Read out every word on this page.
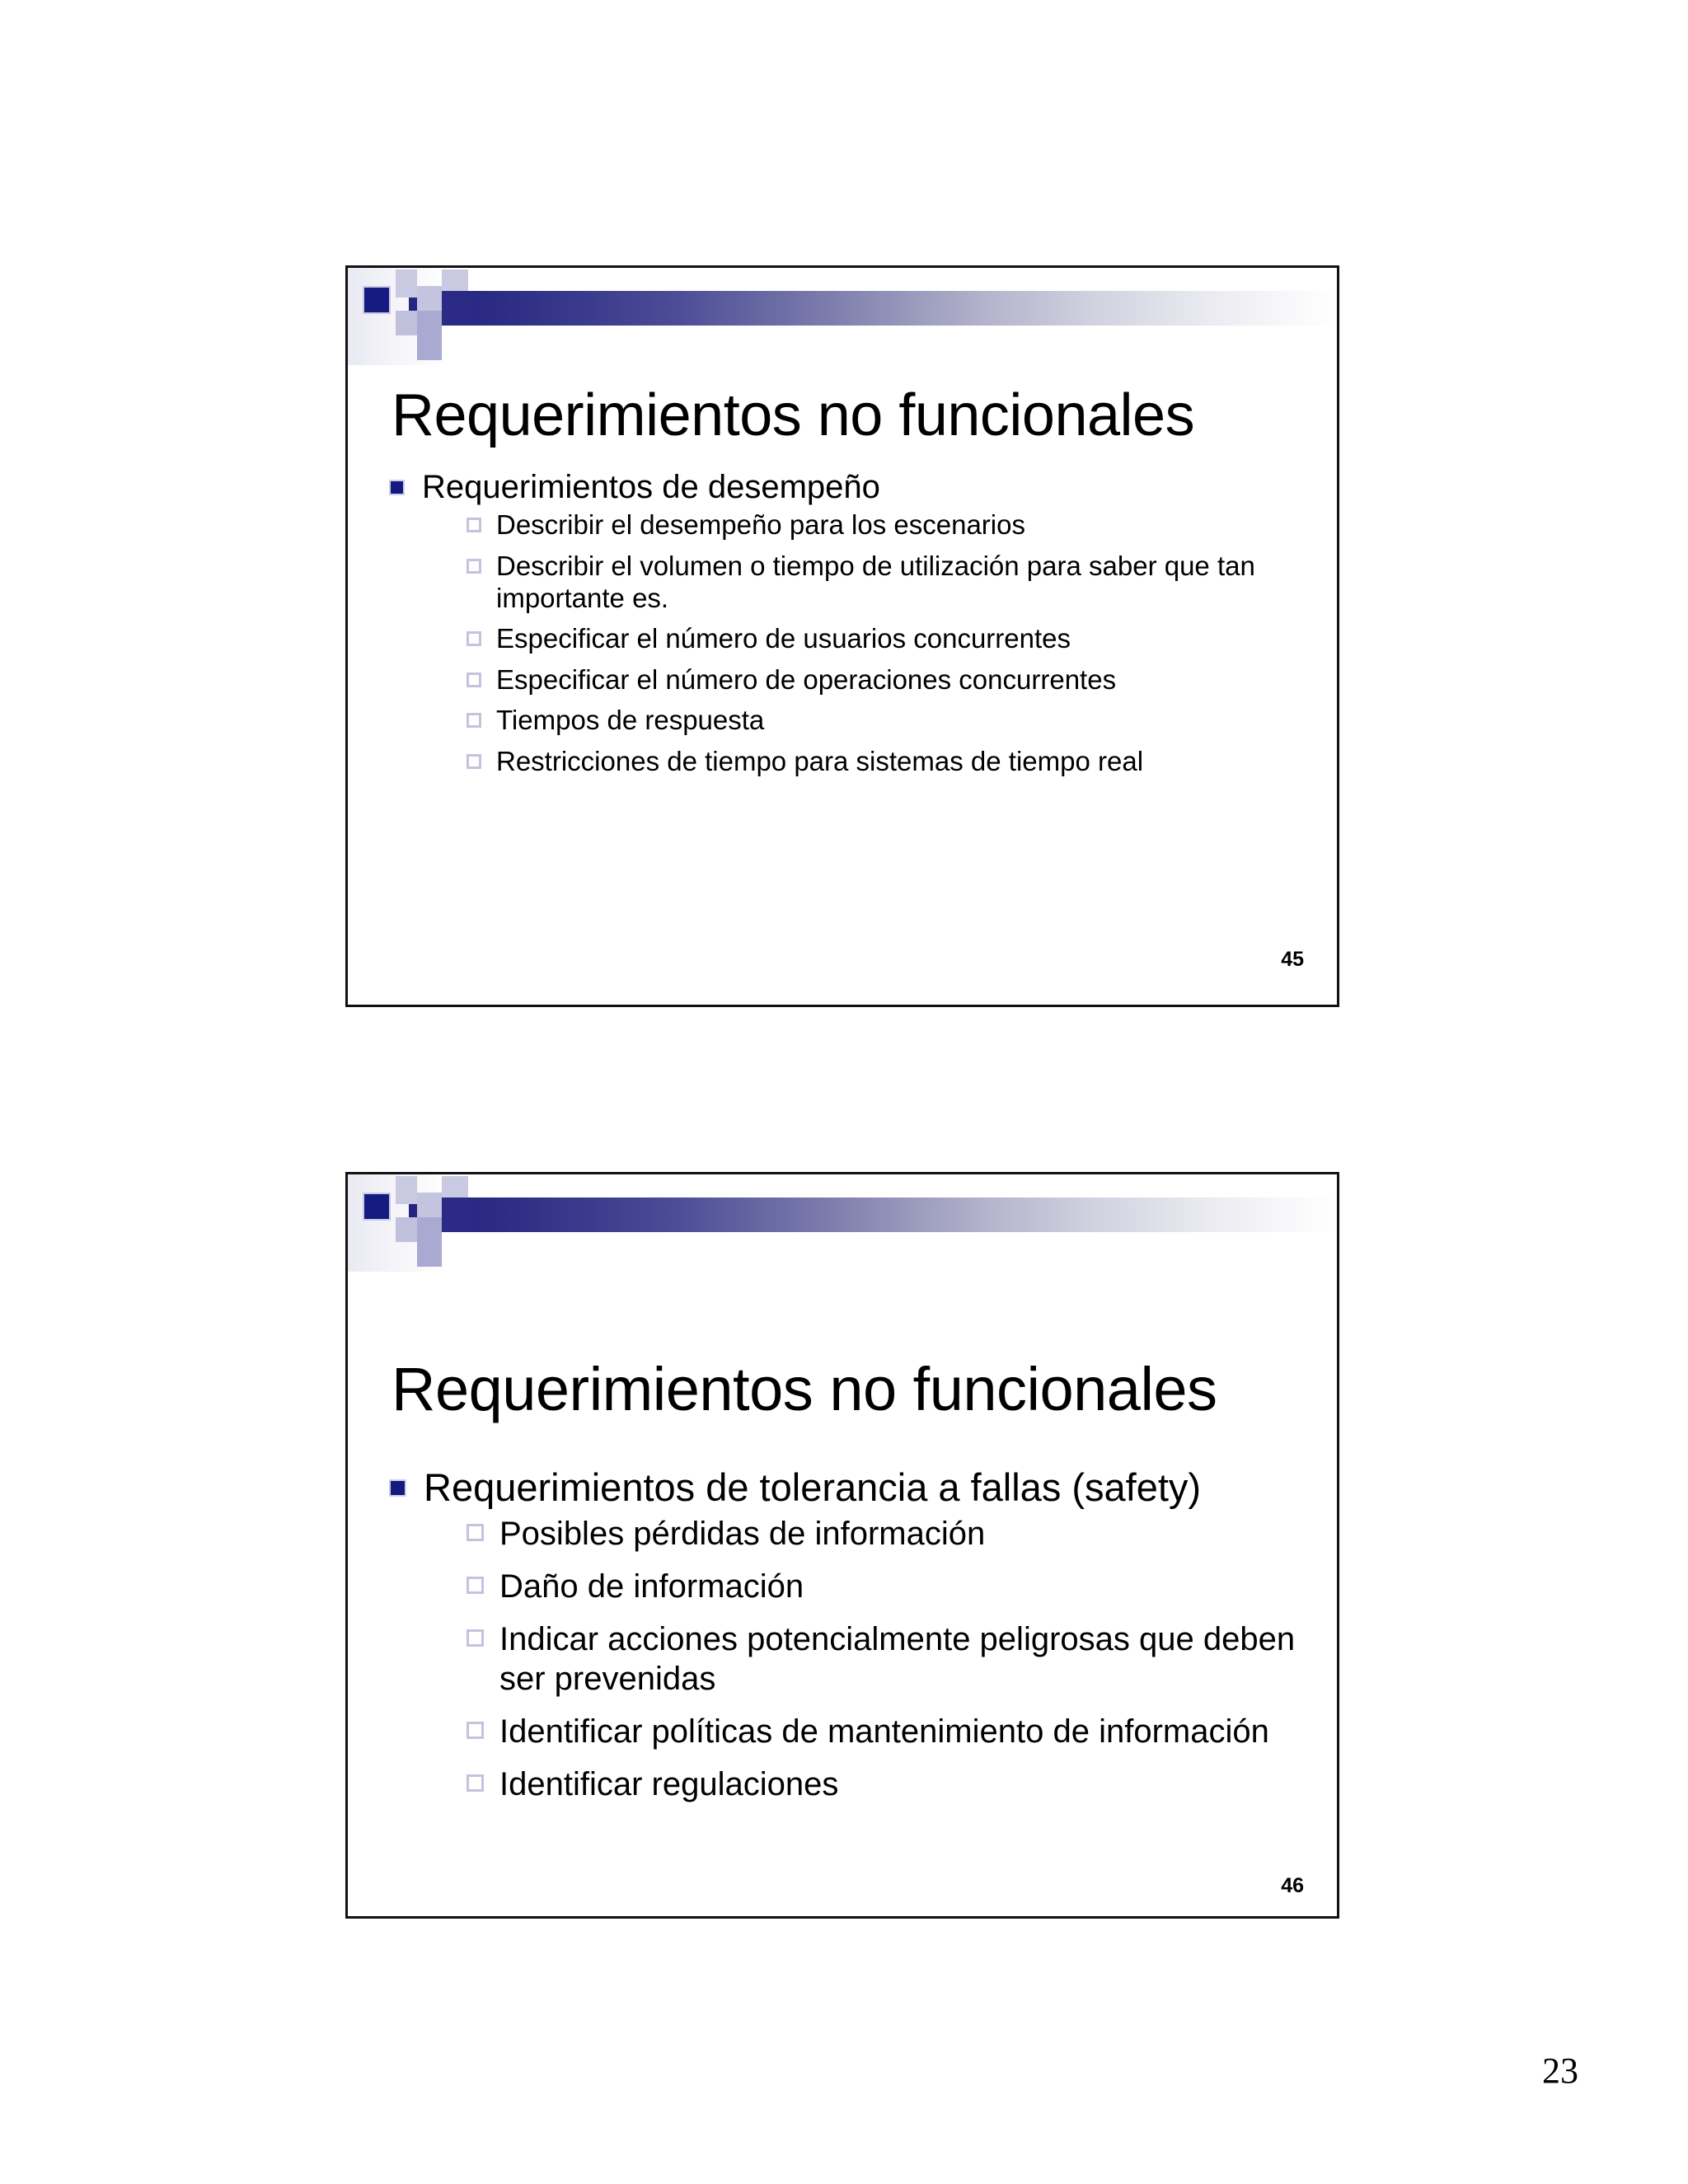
Requerimientos no funcionales
Requerimientos de desempeño
Describir el desempeño para los escenarios
Describir el volumen o tiempo de utilización para saber que tan importante es.
Especificar el número de usuarios concurrentes
Especificar el número de operaciones concurrentes
Tiempos de respuesta
Restricciones de tiempo para sistemas de tiempo real
45
Requerimientos no funcionales
Requerimientos de tolerancia a fallas (safety)
Posibles pérdidas de información
Daño de información
Indicar acciones potencialmente peligrosas que deben ser prevenidas
Identificar políticas de mantenimiento de información
Identificar regulaciones
46
23
